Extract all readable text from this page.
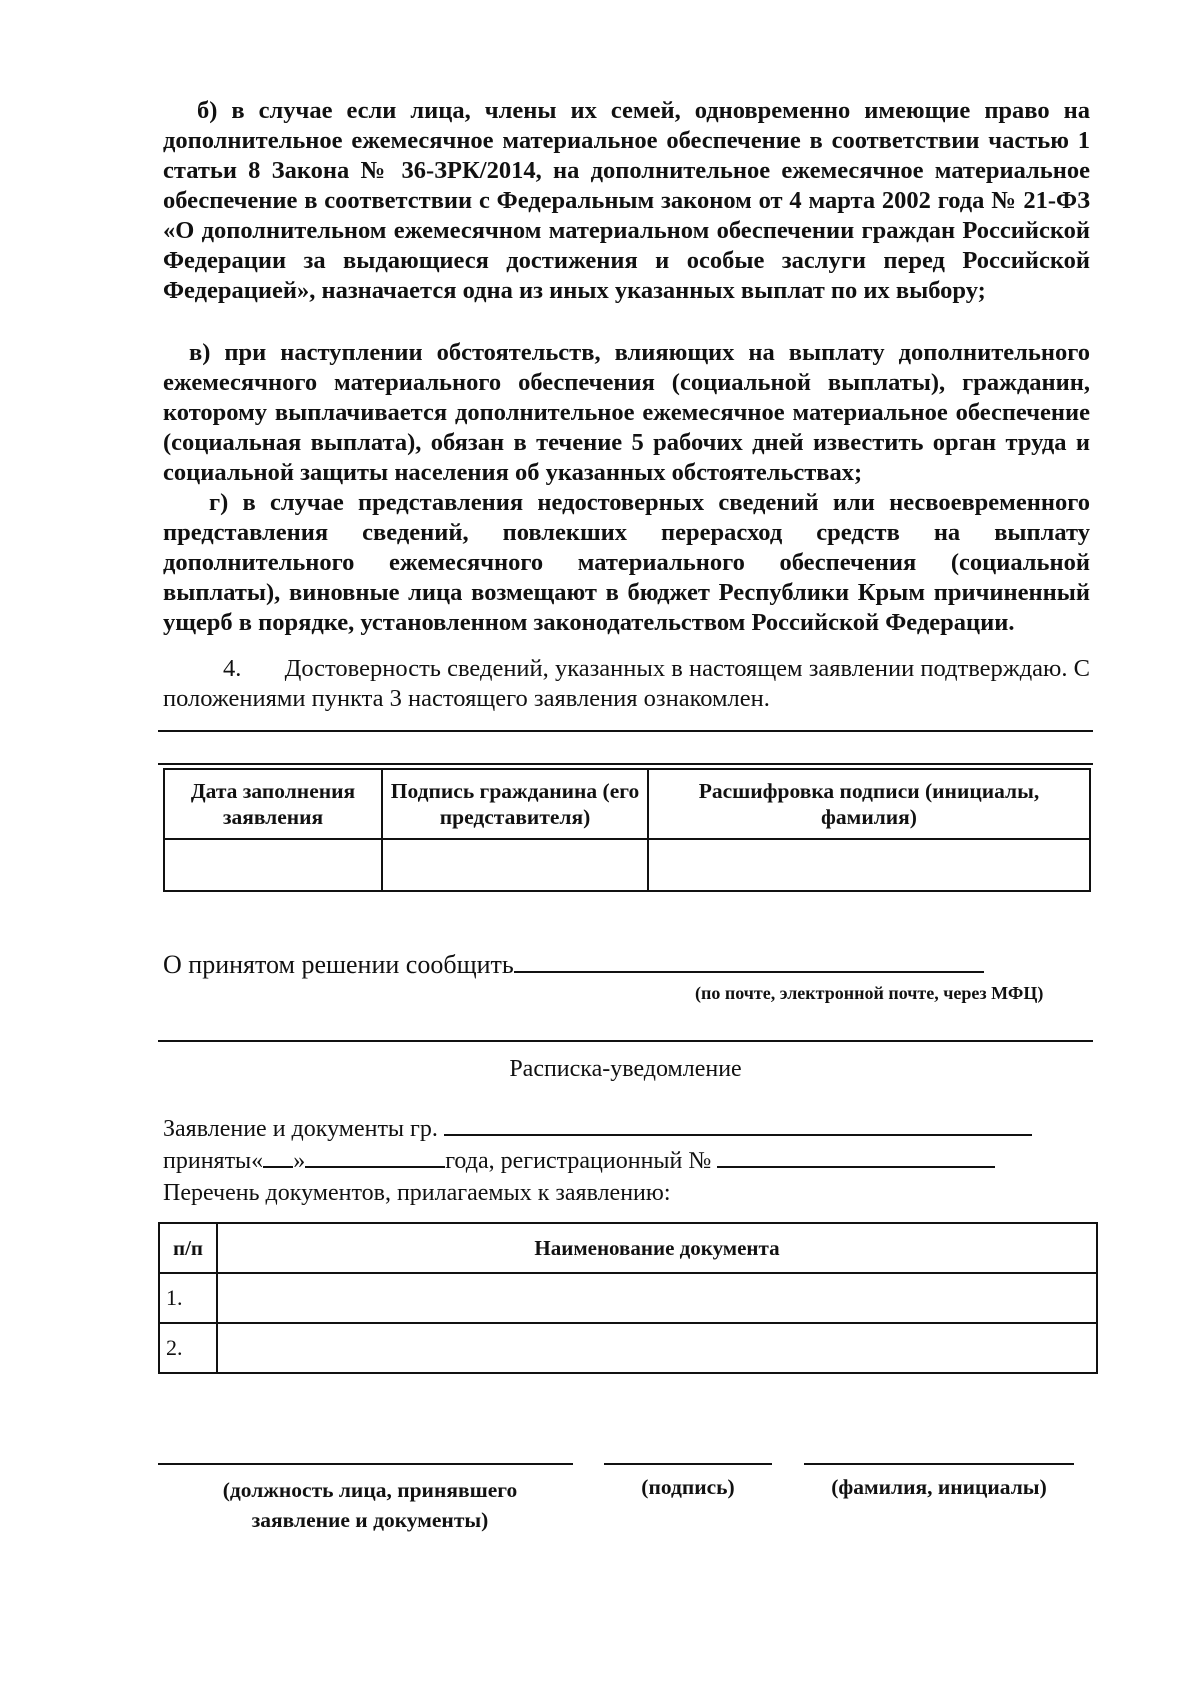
б) в случае если лица, члены их семей, одновременно имеющие право на дополнительное ежемесячное материальное обеспечение в соответствии частью 1 статьи 8 Закона № 36-ЗРК/2014, на дополнительное ежемесячное материальное обеспечение в соответствии с Федеральным законом от 4 марта 2002 года № 21-ФЗ «О дополнительном ежемесячном материальном обеспечении граждан Российской Федерации за выдающиеся достижения и особые заслуги перед Российской Федерацией», назначается одна из иных указанных выплат по их выбору;
в) при наступлении обстоятельств, влияющих на выплату дополнительного ежемесячного материального обеспечения (социальной выплаты), гражданин, которому выплачивается дополнительное ежемесячное материальное обеспечение (социальная выплата), обязан в течение 5 рабочих дней известить орган труда и социальной защиты населения об указанных обстоятельствах;
г) в случае представления недостоверных сведений или несвоевременного представления сведений, повлекших перерасход средств на выплату дополнительного ежемесячного материального обеспечения (социальной выплаты), виновные лица возмещают в бюджет Республики Крым причиненный ущерб в порядке, установленном законодательством Российской Федерации.
4.       Достоверность сведений, указанных в настоящем заявлении подтверждаю. С положениями пункта 3 настоящего заявления ознакомлен.
Дата заполнения заявления	Подпись гражданина (его представителя)	Расшифровка подписи (инициалы, фамилия)

О принятом решении сообщить
(по почте, электронной почте, через МФЦ)
Расписка-уведомление
Заявление и документы гр.
приняты« »	года, регистрационный №
Перечень документов, прилагаемых к заявлению:
п/п	Наименование документа
1.	
2.	
(должность лица, принявшего заявление и документы)
(подпись)	(фамилия, инициалы)
